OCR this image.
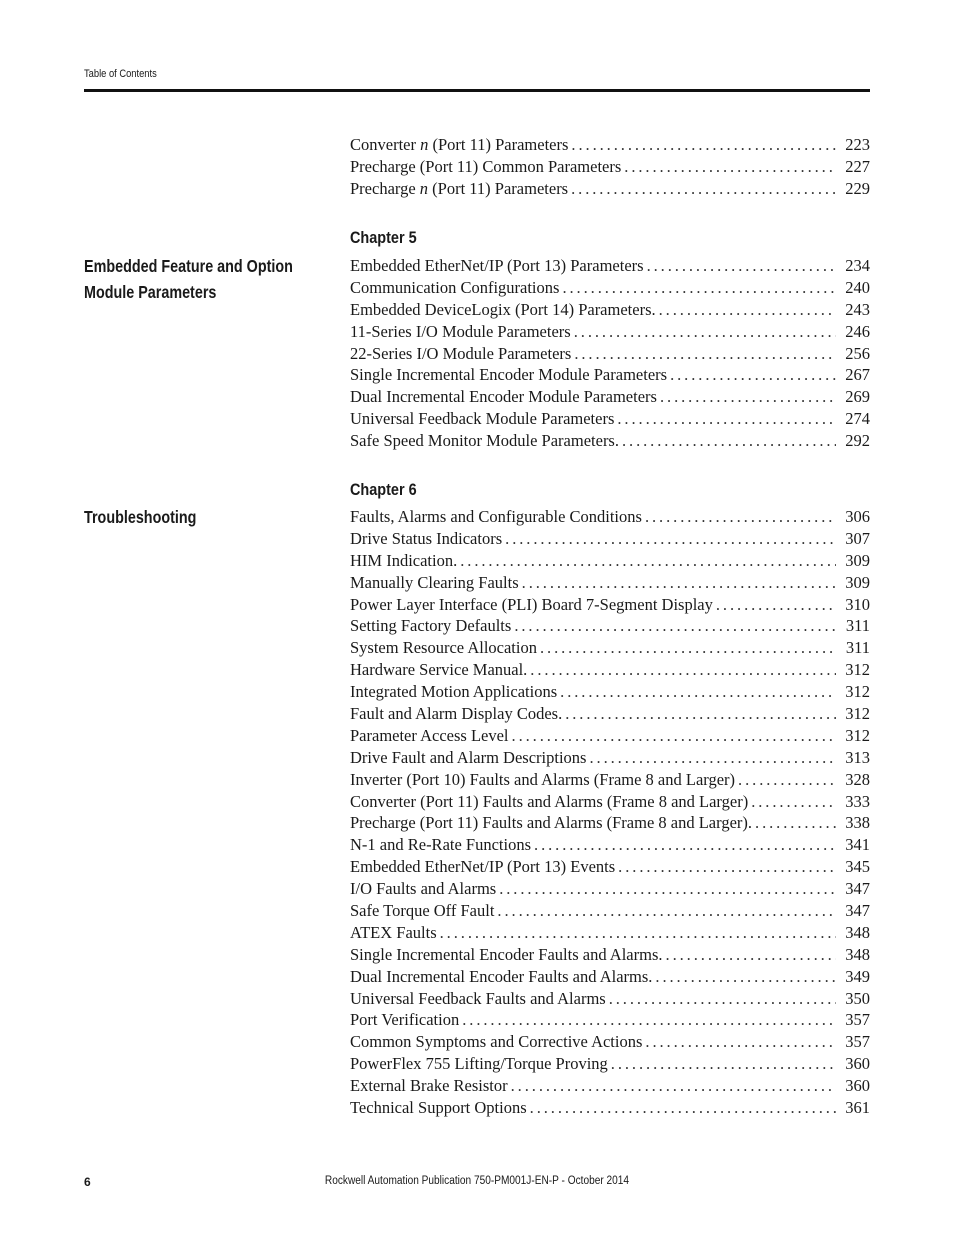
Table of Contents
Converter n (Port 11) Parameters . . .	223
Precharge (Port 11) Common Parameters . . .	227
Precharge n (Port 11) Parameters . . .	229
Chapter 5
Embedded Feature and Option
Module Parameters
Embedded EtherNet/IP (Port 13) Parameters . . .	234
Communication Configurations . . .	240
Embedded DeviceLogix (Port 14) Parameters. . . .	243
11-Series I/O Module Parameters . . .	246
22-Series I/O Module Parameters . . .	256
Single Incremental Encoder Module Parameters . . .	267
Dual Incremental Encoder Module Parameters . . .	269
Universal Feedback Module Parameters . . .	274
Safe Speed Monitor Module Parameters. . . .	292
Chapter 6
Troubleshooting	Faults, Alarms and Configurable Conditions . . .	306
Drive Status Indicators . . .	307
HIM Indication. . . .	309
Manually Clearing Faults . . .	309
Power Layer Interface (PLI) Board 7-Segment Display . . .	310
Setting Factory Defaults . . .	311
System Resource Allocation . . .	311
Hardware Service Manual. . . .	312
Integrated Motion Applications . . .	312
Fault and Alarm Display Codes. . . .	312
Parameter Access Level . . .	312
Drive Fault and Alarm Descriptions . . .	313
Inverter (Port 10) Faults and Alarms (Frame 8 and Larger) . . .	328
Converter (Port 11) Faults and Alarms (Frame 8 and Larger) . . .	333
Precharge (Port 11) Faults and Alarms (Frame 8 and Larger). . . .	338
N-1 and Re-Rate Functions . . .	341
Embedded EtherNet/IP (Port 13) Events . . .	345
I/O Faults and Alarms . . .	347
Safe Torque Off Fault . . .	347
ATEX Faults . . .	348
Single Incremental Encoder Faults and Alarms. . . .	348
Dual Incremental Encoder Faults and Alarms. . . .	349
Universal Feedback Faults and Alarms . . .	350
Port Verification . . .	357
Common Symptoms and Corrective Actions . . .	357
PowerFlex 755 Lifting/Torque Proving . . .	360
External Brake Resistor . . .	360
Technical Support Options . . .	361
6	Rockwell Automation Publication 750-PM001J-EN-P - October 2014
